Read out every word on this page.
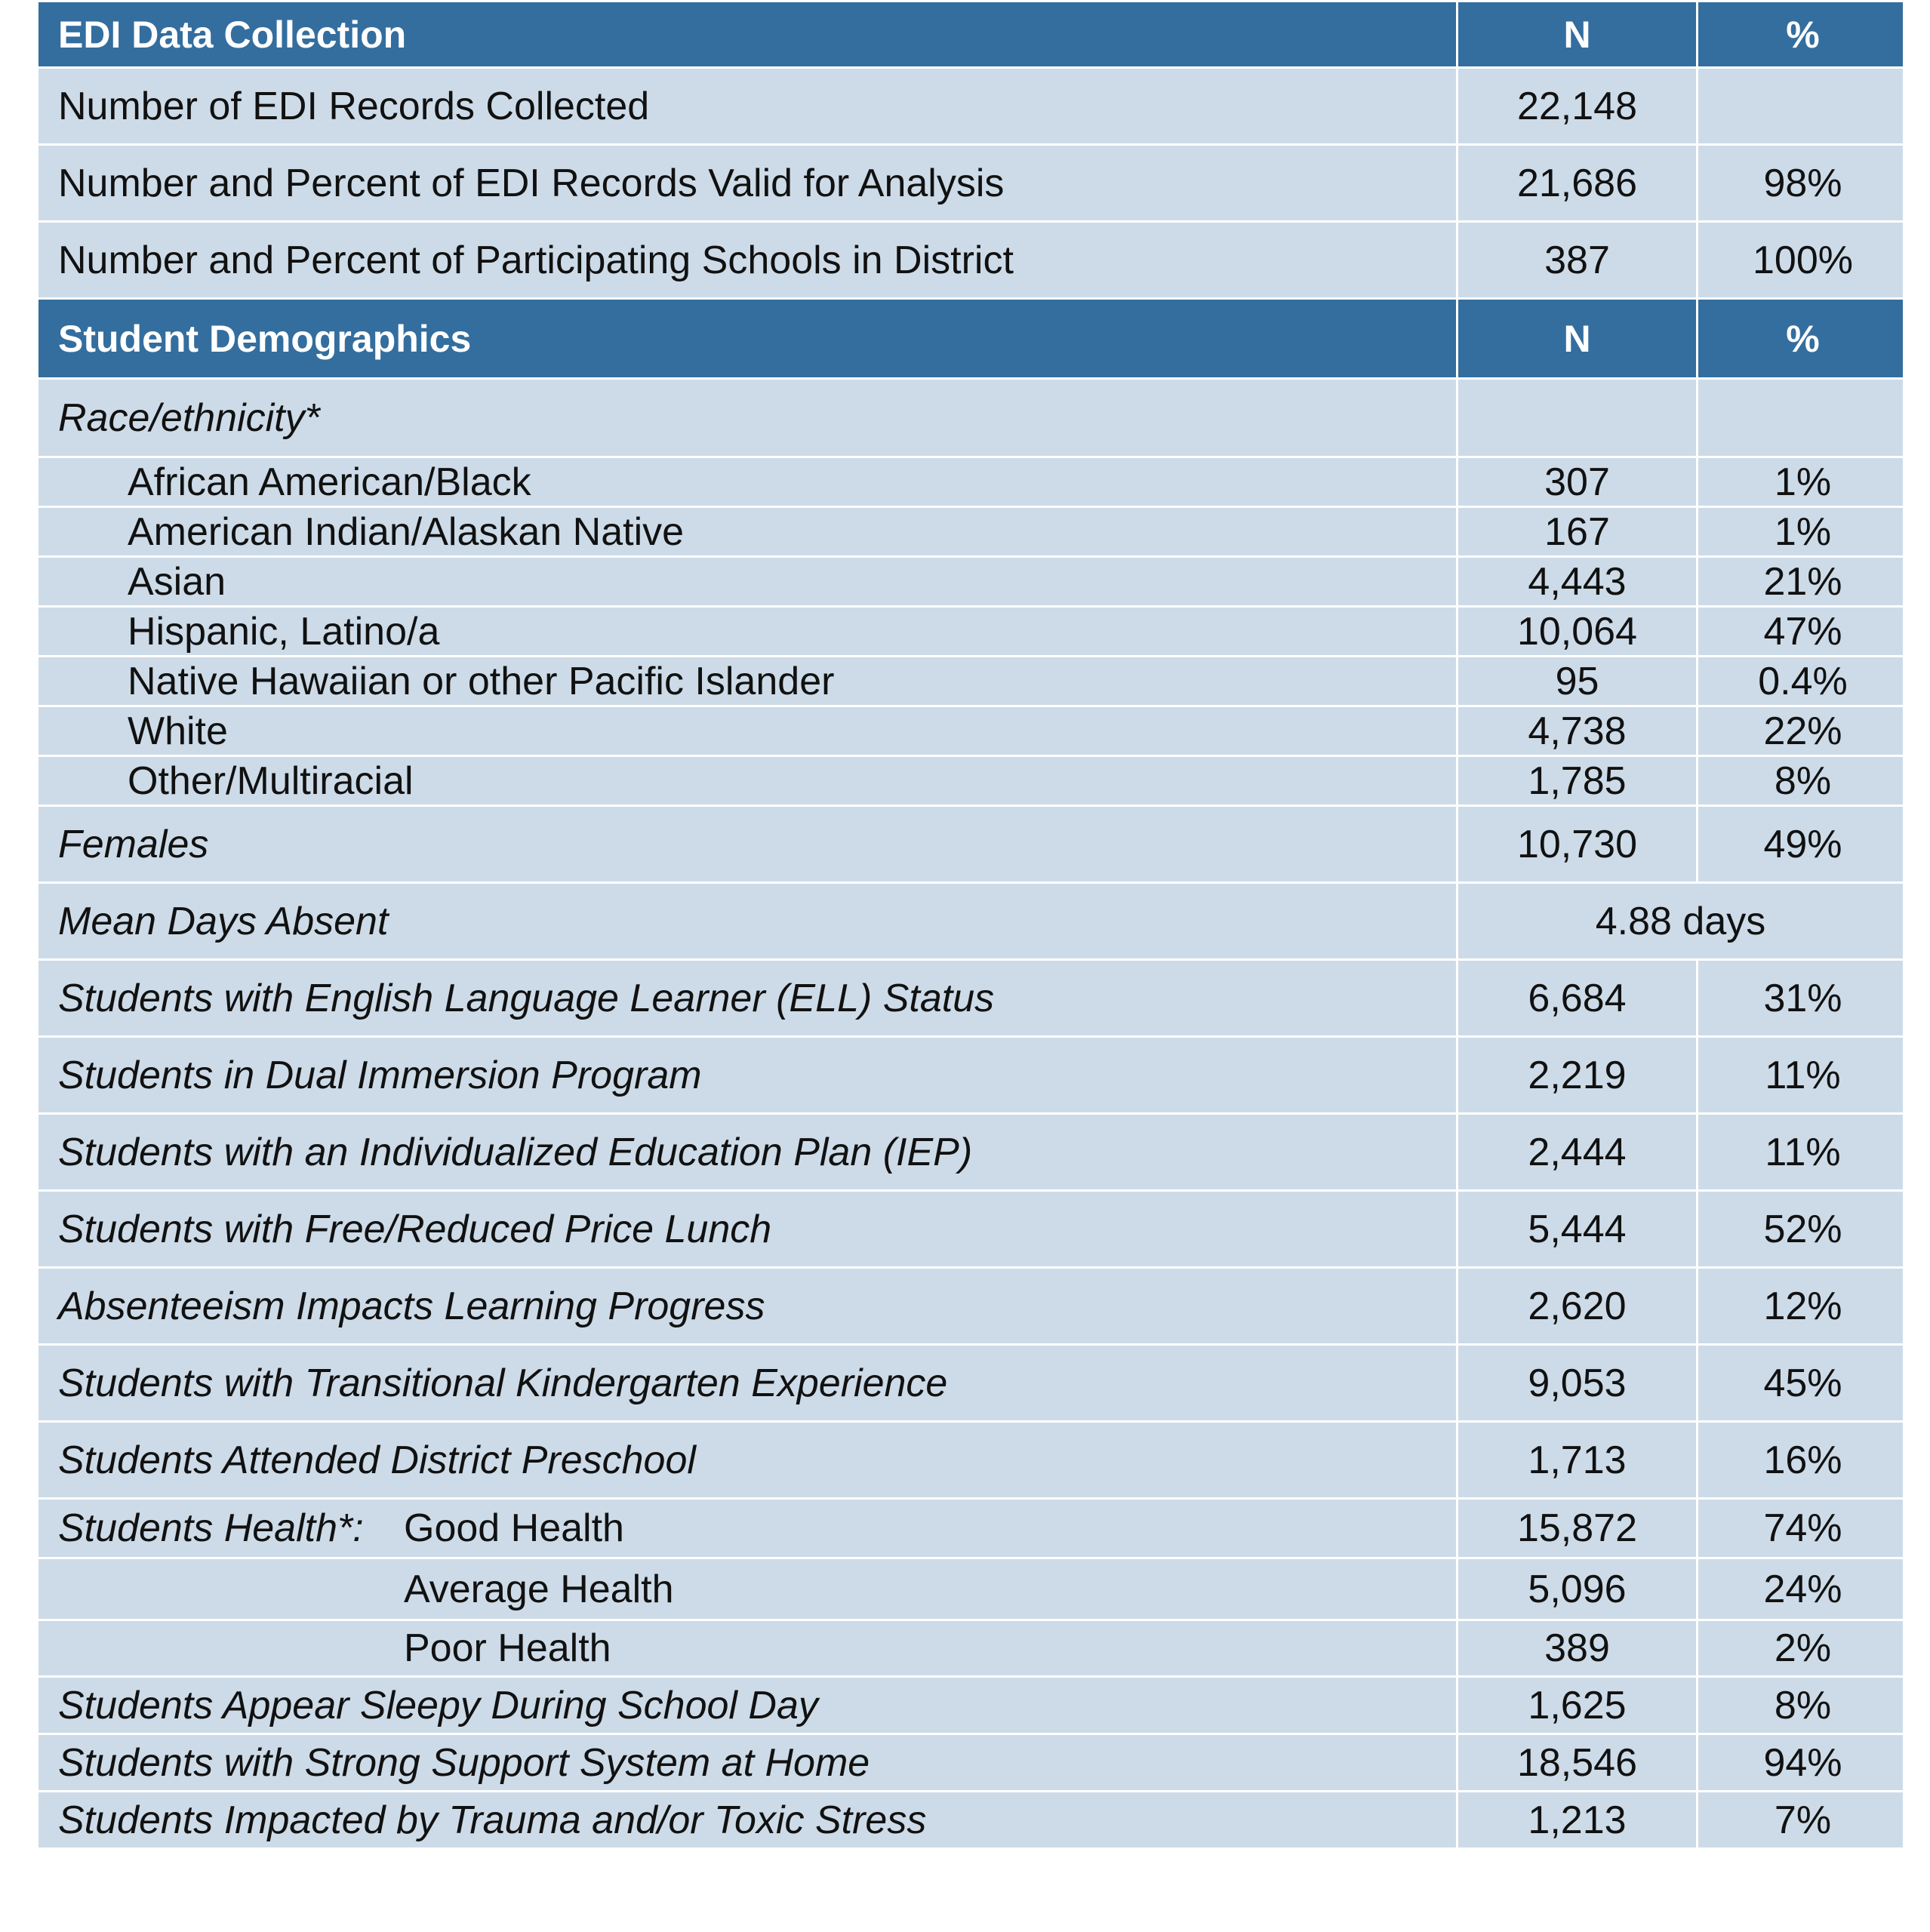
EDI Data Collection	N	%
Number of EDI Records Collected	22,148	
Number and Percent of EDI Records Valid for Analysis	21,686	98%
Number and Percent of Participating Schools in District	387	100%
Student Demographics	N	%
Race/ethnicity*		
African American/Black	307	1%
American Indian/Alaskan Native	167	1%
Asian	4,443	21%
Hispanic, Latino/a	10,064	47%
Native Hawaiian or other Pacific Islander	95	0.4%
White	4,738	22%
Other/Multiracial	1,785	8%
Females	10,730	49%
Mean Days Absent	4.88 days	
Students with English Language Learner (ELL) Status	6,684	31%
Students in Dual Immersion Program	2,219	11%
Students with an Individualized Education Plan (IEP)	2,444	11%
Students with Free/Reduced Price Lunch	5,444	52%
Absenteeism Impacts Learning Progress	2,620	12%
Students with Transitional Kindergarten Experience	9,053	45%
Students Attended District Preschool	1,713	16%
Students Health*: Good Health	15,872	74%
Average Health	5,096	24%
Poor Health	389	2%
Students Appear Sleepy During School Day	1,625	8%
Students with Strong Support System at Home	18,546	94%
Students Impacted by Trauma and/or Toxic Stress	1,213	7%
